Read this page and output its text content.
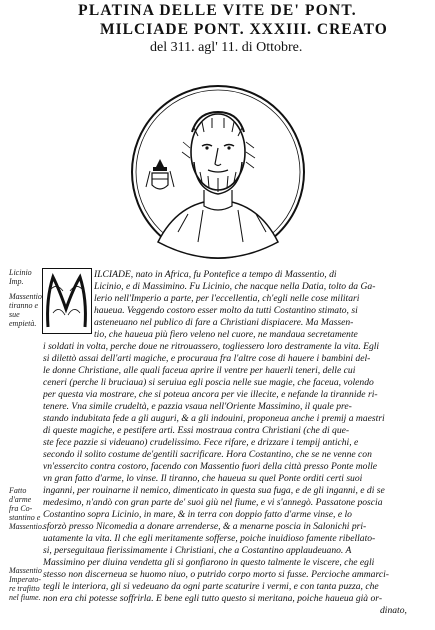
PLATINA DELLE VITE DE' PONT.
MILCIADE PONT. XXXIII. CREATO
del 311. agl' 11. di Ottobre.
Licinio Imp.
Massentio tiranno e sue empietà.
Fatto d'arme fra Co-stantino e Massentio.
Massentio Imperato-re trafitto nel fiume.
ILCIADE, nato in Africa, fu Pontefice a tempo di Massentio, di
Licinio, e di Massimino. Fu Licinio, che nacque nella Datia, tolto da Ga-
lerio nell'Imperio a parte, per l'eccellentia, ch'egli nelle cose militari
haueua. Veggendo costoro esser molto da tutti Costantino stimato, si
asteneuano nel publico di fare a Christiani dispiacere. Ma Massen-
tio, che haueua più fiero veleno nel cuore, ne mandaua secretamente
i soldati in volta, perche doue ne ritrouassero, togliessero loro destramente la vita. Egli
si dilettò assai dell'arti magiche, e procuraua fra l'altre cose di hauere i bambini del-
le donne Christiane, alle quali faceua aprire il ventre per hauerli teneri, delle cui
ceneri (perche li bruciaua) si seruiua egli poscia nelle sue magie, che faceua, volendo
per questa via mostrare, che si poteua ancora per vie illecite, e nefande la tirannide ri-
tenere. Vna simile crudeltà, e pazzia vsaua nell'Oriente Massimino, il quale pre-
stando indubitata fede a gli auguri, & a gli indouini, proponeua anche i premij a maestri
di queste magiche, e pestifere arti. Essi mostraua contra Christiani (che di que-
ste fece pazzie si videuano) crudelissimo. Fece rifare, e drizzare i tempij antichi, e
secondo il solito costume de'gentili sacrificare. Hora Costantino, che se ne venne con
vn'essercito contra costoro, facendo con Massentio fuori della città presso Ponte molle
vn gran fatto d'arme, lo vinse. Il tiranno, che haueua su quel Ponte orditi certi suoi
inganni, per rouinarne il nemico, dimenticato in questa sua fuga, e de gli inganni, e di se
medesimo, n'andò con gran parte de' suoi giù nel fiume, e vi s'annegò. Passatone poscia
Costantino sopra Licinio, in mare, & in terra con doppio fatto d'arme vinse, e lo
sforzò presso Nicomedia a donare arrenderse, & a menarne poscia in Salonichi pri-
uatamente la vita. Il che egli meritamente sofferse, poiche inuidioso famente ribellato-
si, perseguitaua fierissimamente i Christiani, che a Costantino applaudeuano. A
Massimino per diuina vendetta gli si gonfiarono in questo talmente le viscere, che egli
stesso non discerneua se huomo niuo, o putrido corpo morto si fusse. Percioche ammarci-
tegli le interiora, gli si vedeuano da ogni parte scaturire i vermi, e con tanta puzza, che
non era chi potesse soffrirla. E bene egli tutto questo si meritana, poiche haueua già or-
dinato,
